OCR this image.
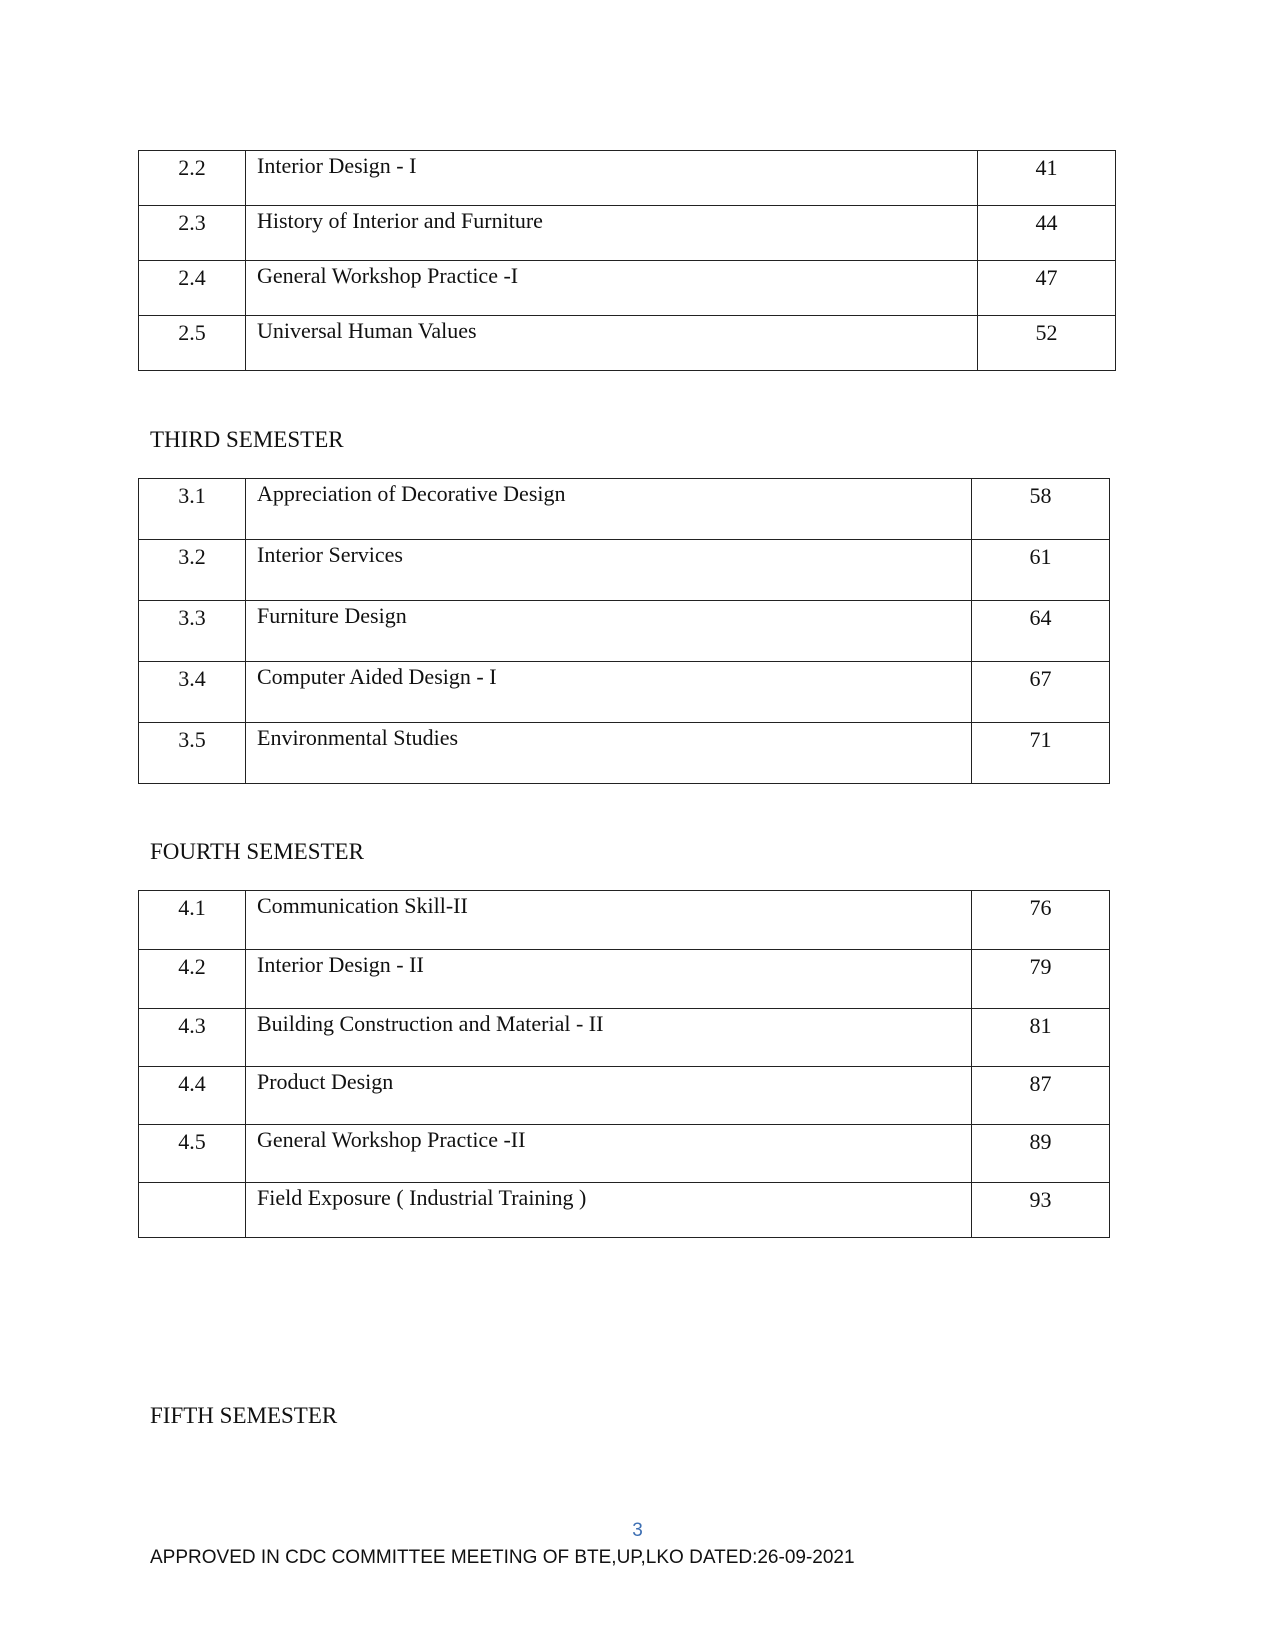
2.2	Interior Design - I	41
2.3	History of Interior and Furniture	44
2.4	General Workshop Practice -I	47
2.5	Universal Human Values	52
THIRD SEMESTER
3.1	Appreciation of Decorative Design	58
3.2	Interior Services	61
3.3	Furniture Design	64
3.4	Computer Aided Design - I	67
3.5	Environmental Studies	71
FOURTH SEMESTER
4.1	Communication Skill-II	76
4.2	Interior Design - II	79
4.3	Building Construction and Material - II	81
4.4	Product Design	87
4.5	General Workshop Practice -II	89
	Field Exposure ( Industrial Training )	93
FIFTH SEMESTER
3
APPROVED IN CDC COMMITTEE MEETING OF BTE,UP,LKO DATED:26-09-2021
